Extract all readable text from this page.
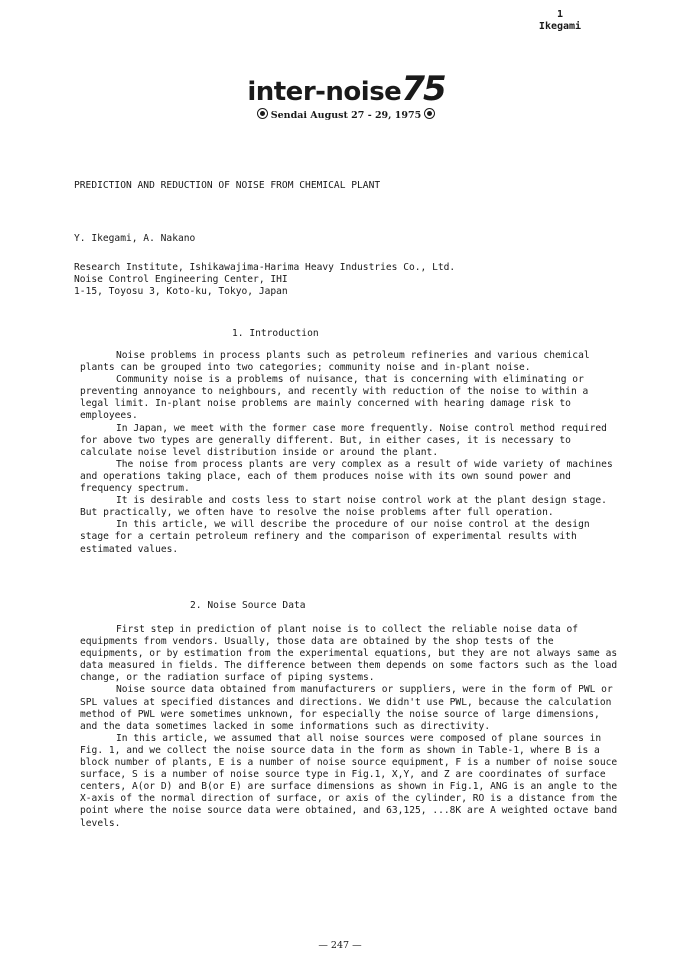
1
Ikegami
inter-noise75
Sendai August 27 - 29, 1975
PREDICTION AND REDUCTION OF NOISE FROM CHEMICAL PLANT
Y. Ikegami, A. Nakano
Research Institute, Ishikawajima-Harima Heavy Industries Co., Ltd.
Noise Control Engineering Center, IHI
1-15, Toyosu 3, Koto-ku, Tokyo, Japan
1. Introduction

Noise problems in process plants such as petroleum refineries and various chemical plants can be grouped into two categories; community noise and in-plant noise.

Community noise is a problems of nuisance, that is concerning with eliminating or preventing annoyance to neighbours, and recently with reduction of the noise to within a legal limit. In-plant noise problems are mainly concerned with hearing damage risk to employees.

In Japan, we meet with the former case more frequently. Noise control method required for above two types are generally different. But, in either cases, it is necessary to calculate noise level distribution inside or around the plant.

The noise from process plants are very complex as a result of wide variety of machines and operations taking place, each of them produces noise with its own sound power and frequency spectrum.

It is desirable and costs less to start noise control work at the plant design stage. But practically, we often have to resolve the noise problems after full operation.

In this article, we will describe the procedure of our noise control at the design stage for a certain petroleum refinery and the comparison of experimental results with estimated values.

2. Noise Source Data

First step in prediction of plant noise is to collect the reliable noise data of equipments from vendors. Usually, those data are obtained by the shop tests of the equipments, or by estimation from the experimental equations, but they are not always same as data measured in fields. The difference between them depends on some factors such as the load change, or the radiation surface of piping systems.

Noise source data obtained from manufacturers or suppliers, were in the form of PWL or SPL values at specified distances and directions. We didn't use PWL, because the calculation method of PWL were sometimes unknown, for especially the noise source of large dimensions, and the data sometimes lacked in some informations such as directivity.

In this article, we assumed that all noise sources were composed of plane sources in Fig. 1, and we collect the noise source data in the form as shown in Table-1, where B is a block number of plants, E is a number of noise source equipment, F is a number of noise souce surface, S is a number of noise source type in Fig.1, X,Y, and Z are coordinates of surface centers, A(or D) and B(or E) are surface dimensions as shown in Fig.1, ANG is an angle to the X-axis of the normal direction of surface, or axis of the cylinder, RO is a distance from the point where the noise source data were obtained, and 63,125, ...8K are A weighted octave band levels.

— 247 —
